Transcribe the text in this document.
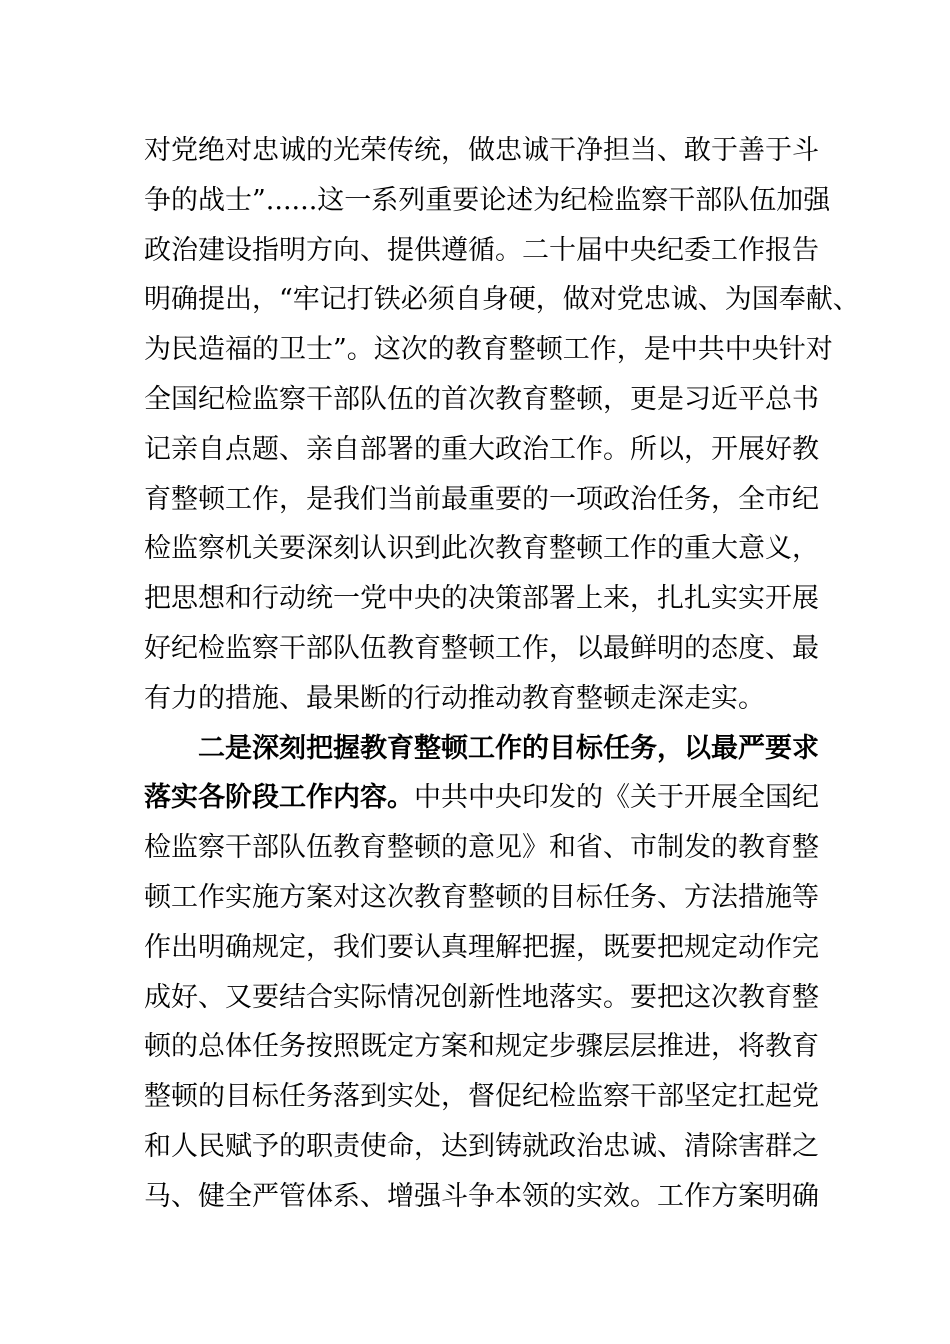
对党绝对忠诚的光荣传统，做忠诚干净担当、敢于善于斗
争的战士”......这一系列重要论述为纪检监察干部队伍加强
政治建设指明方向、提供遵循。二十届中央纪委工作报告
明确提出，“牢记打铁必须自身硬，做对党忠诚、为国奉献、
为民造福的卫士”。这次的教育整顿工作，是中共中央针对
全国纪检监察干部队伍的首次教育整顿，更是习近平总书
记亲自点题、亲自部署的重大政治工作。所以，开展好教
育整顿工作，是我们当前最重要的一项政治任务，全市纪
检监察机关要深刻认识到此次教育整顿工作的重大意义，
把思想和行动统一党中央的决策部署上来，扎扎实实开展
好纪检监察干部队伍教育整顿工作，以最鲜明的态度、最
有力的措施、最果断的行动推动教育整顿走深走实。
二是深刻把握教育整顿工作的目标任务，以最严要求
落实各阶段工作内容。中共中央印发的《关于开展全国纪
检监察干部队伍教育整顿的意见》和省、市制发的教育整
顿工作实施方案对这次教育整顿的目标任务、方法措施等
作出明确规定，我们要认真理解把握，既要把规定动作完
成好、又要结合实际情况创新性地落实。要把这次教育整
顿的总体任务按照既定方案和规定步骤层层推进，将教育
整顿的目标任务落到实处，督促纪检监察干部坚定扛起党
和人民赋予的职责使命，达到铸就政治忠诚、清除害群之
马、健全严管体系、增强斗争本领的实效。工作方案明确
